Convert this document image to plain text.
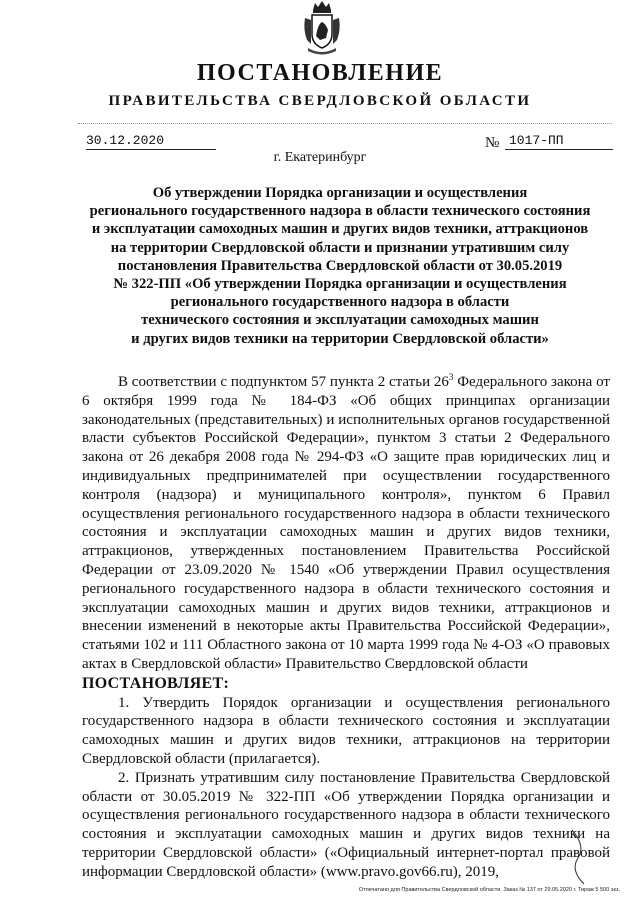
ПОСТАНОВЛЕНИЕ
ПРАВИТЕЛЬСТВА СВЕРДЛОВСКОЙ ОБЛАСТИ
30.12.2020	№ 1017-ПП
г. Екатеринбург
Об утверждении Порядка организации и осуществления
регионального государственного надзора в области технического состояния
и эксплуатации самоходных машин и других видов техники, аттракционов
на территории Свердловской области и признании утратившим силу
постановления Правительства Свердловской области от 30.05.2019
№ 322-ПП «Об утверждении Порядка организации и осуществления
регионального государственного надзора в области
технического состояния и эксплуатации самоходных машин
и других видов техники на территории Свердловской области»

В соответствии с подпунктом 57 пункта 2 статьи $26^3$ Федерального закона от 6 октября 1999 года № 184-ФЗ «Об общих принципах организации законодательных (представительных) и исполнительных органов государственной власти субъектов Российской Федерации», пунктом 3 статьи 2 Федерального закона от 26 декабря 2008 года № 294-ФЗ «О защите прав юридических лиц и индивидуальных предпринимателей при осуществлении государственного контроля (надзора) и муниципального контроля», пунктом 6 Правил осуществления регионального государственного надзора в области технического состояния и эксплуатации самоходных машин и других видов техники, аттракционов, утвержденных постановлением Правительства Российской Федерации от 23.09.2020 № 1540 «Об утверждении Правил осуществления регионального государственного надзора в области технического состояния и эксплуатации самоходных машин и других видов техники, аттракционов и внесении изменений в некоторые акты Правительства Российской Федерации», статьями 102 и 111 Областного закона от 10 марта 1999 года № 4-ОЗ «О правовых актах в Свердловской области» Правительство Свердловской области

ПОСТАНОВЛЯЕТ:

1. Утвердить Порядок организации и осуществления регионального государственного надзора в области технического состояния и эксплуатации самоходных машин и других видов техники, аттракционов на территории Свердловской области (прилагается).

2. Признать утратившим силу постановление Правительства Свердловской области от 30.05.2019 № 322-ПП «Об утверждении Порядка организации и осуществления регионального государственного надзора в области технического состояния и эксплуатации самоходных машин и других видов техники на территории Свердловской области» («Официальный интернет-портал правовой информации Свердловской области» (www.pravo.gov66.ru), 2019,

Отпечатано для Правительства Свердловской области. Заказ № 137 от 29.05.2020 г. Тираж 5 500 экз.
